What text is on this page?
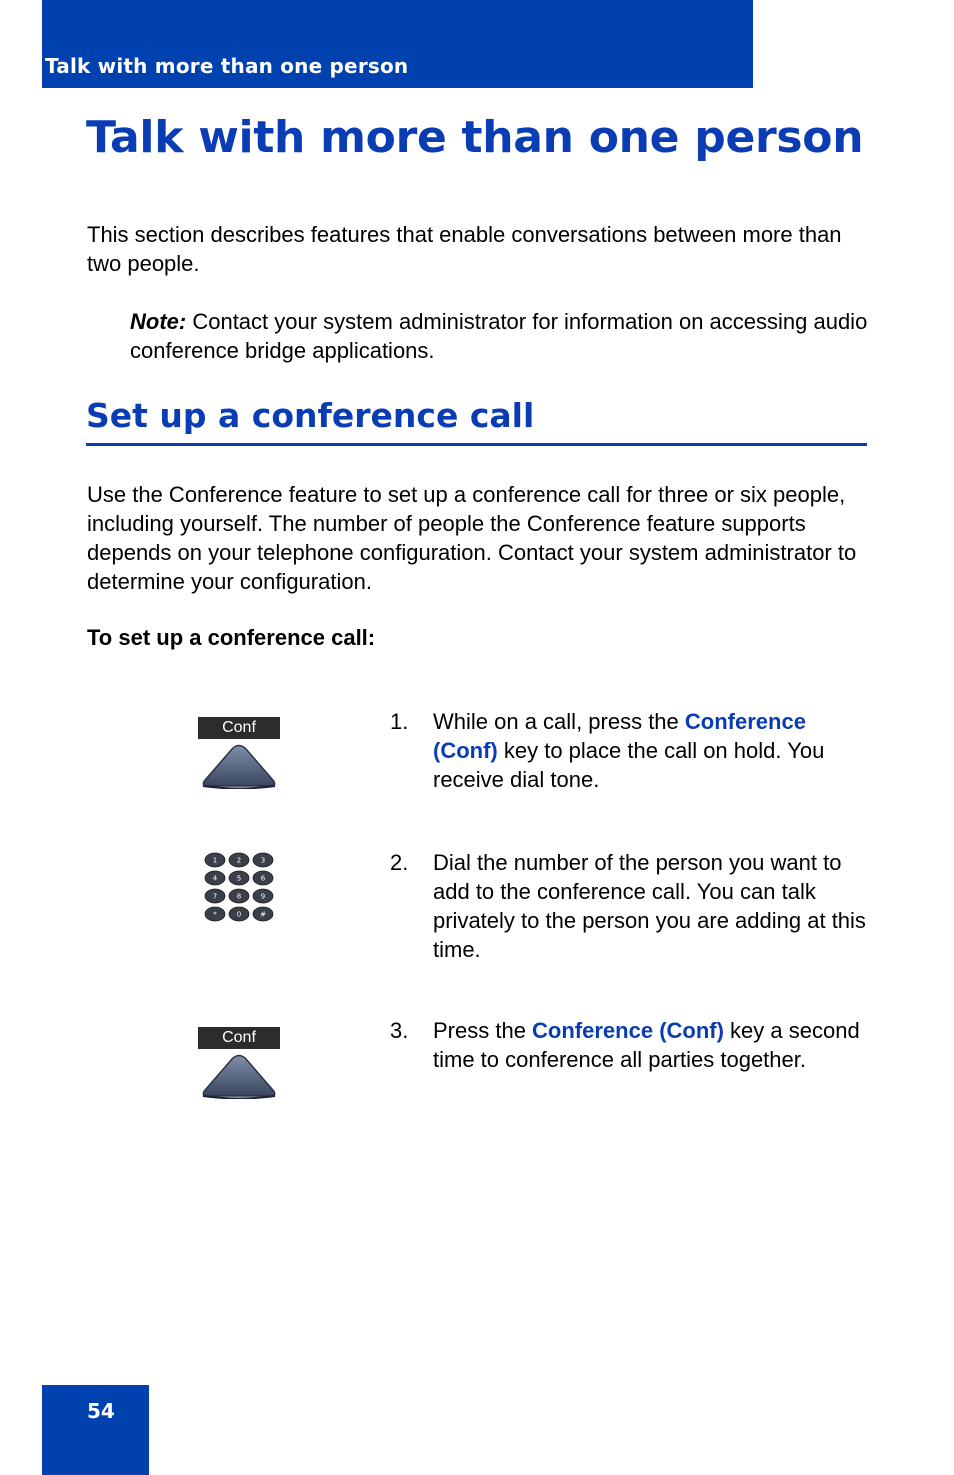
Talk with more than one person
Talk with more than one person

This section describes features that enable conversations between more than two people.

Note: Contact your system administrator for information on accessing audio conference bridge applications.

Set up a conference call

Use the Conference feature to set up a conference call for three or six people, including yourself. The number of people the Conference feature supports depends on your telephone configuration. Contact your system administrator to determine your configuration.

To set up a conference call:
Conf	1. While on a call, press the Conference (Conf) key to place the call on hold. You receive dial tone.
1	2	3
4	5	6
7	8	9
*	0	#
2. Dial the number of the person you want to add to the conference call. You can talk privately to the person you are adding at this time.
Conf	3. Press the Conference (Conf) key a second time to conference all parties together.
54
